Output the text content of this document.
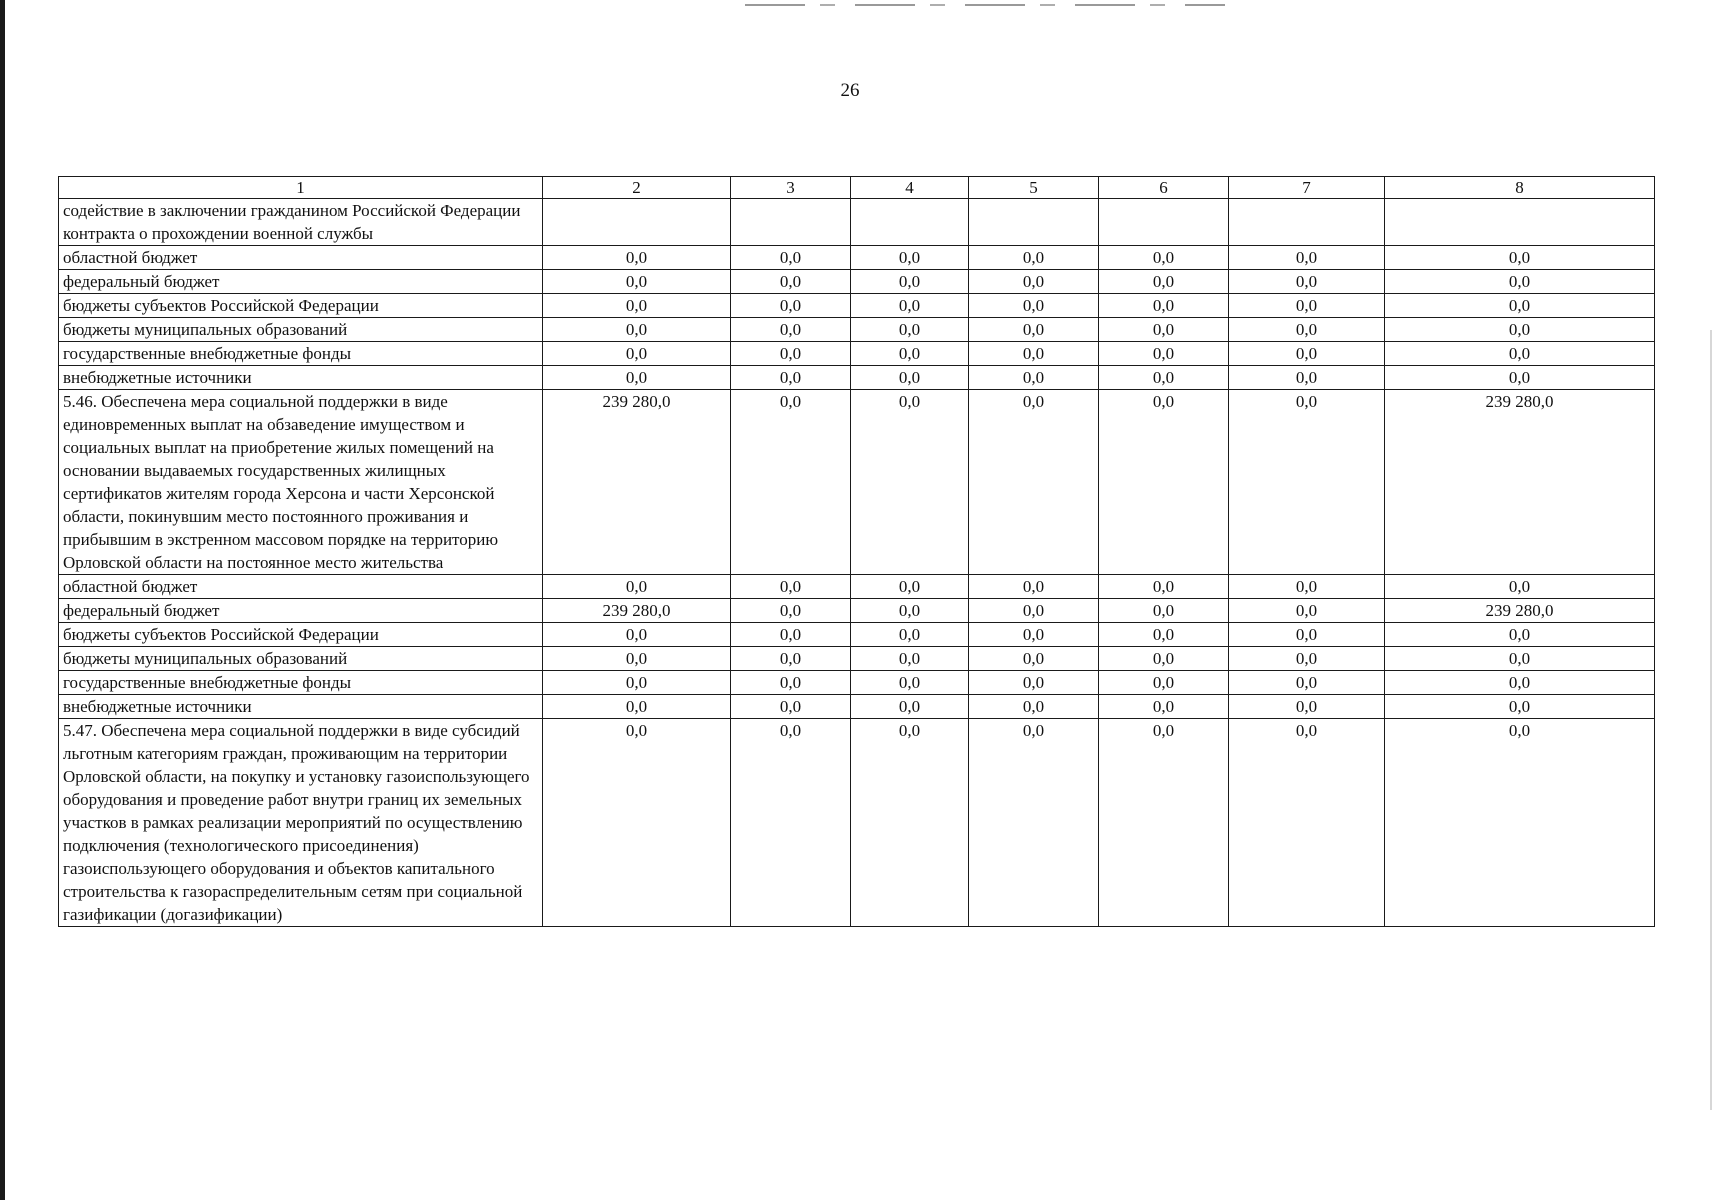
26
1	2	3	4	5	6	7	8
содействие в заключении гражданином Российской Федерации контракта о прохождении военной службы							
областной бюджет	0,0	0,0	0,0	0,0	0,0	0,0	0,0
федеральный бюджет	0,0	0,0	0,0	0,0	0,0	0,0	0,0
бюджеты субъектов Российской Федерации	0,0	0,0	0,0	0,0	0,0	0,0	0,0
бюджеты муниципальных образований	0,0	0,0	0,0	0,0	0,0	0,0	0,0
государственные внебюджетные фонды	0,0	0,0	0,0	0,0	0,0	0,0	0,0
внебюджетные источники	0,0	0,0	0,0	0,0	0,0	0,0	0,0
5.46. Обеспечена мера социальной поддержки в виде единовременных выплат на обзаведение имуществом и социальных выплат на приобретение жилых помещений на основании выдаваемых государственных жилищных сертификатов жителям города Херсона и части Херсонской области, покинувшим место постоянного проживания и прибывшим в экстренном массовом порядке на территорию Орловской области на постоянное место жительства	239 280,0	0,0	0,0	0,0	0,0	0,0	239 280,0
областной бюджет	0,0	0,0	0,0	0,0	0,0	0,0	0,0
федеральный бюджет	239 280,0	0,0	0,0	0,0	0,0	0,0	239 280,0
бюджеты субъектов Российской Федерации	0,0	0,0	0,0	0,0	0,0	0,0	0,0
бюджеты муниципальных образований	0,0	0,0	0,0	0,0	0,0	0,0	0,0
государственные внебюджетные фонды	0,0	0,0	0,0	0,0	0,0	0,0	0,0
внебюджетные источники	0,0	0,0	0,0	0,0	0,0	0,0	0,0
5.47. Обеспечена мера социальной поддержки в виде субсидий льготным категориям граждан, проживающим на территории Орловской области, на покупку и установку газоиспользующего оборудования и проведение работ внутри границ их земельных участков в рамках реализации мероприятий по осуществлению подключения (технологического присоединения) газоиспользующего оборудования и объектов капитального строительства к газораспределительным сетям при социальной газификации (догазификации)	0,0	0,0	0,0	0,0	0,0	0,0	0,0
